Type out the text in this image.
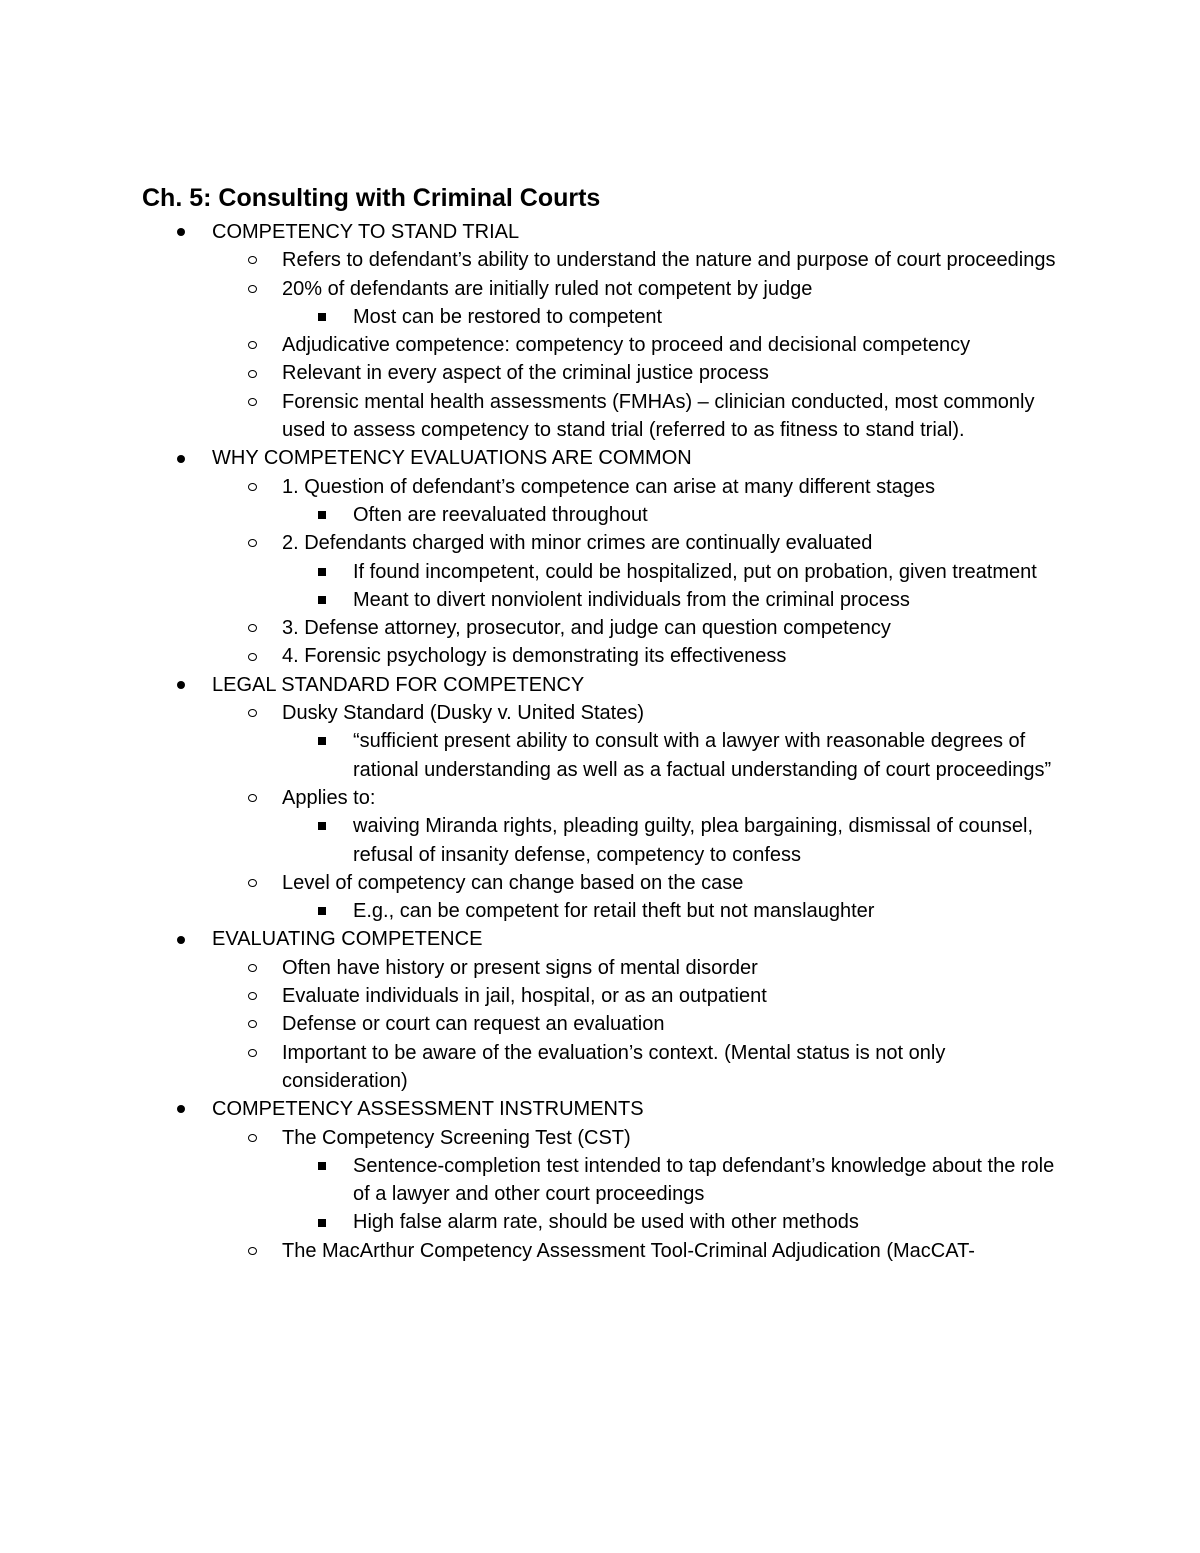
Ch. 5: Consulting with Criminal Courts
COMPETENCY TO STAND TRIAL
Refers to defendant’s ability to understand the nature and purpose of court proceedings
20% of defendants are initially ruled not competent by judge
Most can be restored to competent
Adjudicative competence: competency to proceed and decisional competency
Relevant in every aspect of the criminal justice process
Forensic mental health assessments (FMHAs) – clinician conducted, most commonly used to assess competency to stand trial (referred to as fitness to stand trial).
WHY COMPETENCY EVALUATIONS ARE COMMON
1. Question of defendant’s competence can arise at many different stages
Often are reevaluated throughout
2. Defendants charged with minor crimes are continually evaluated
If found incompetent, could be hospitalized, put on probation, given treatment
Meant to divert nonviolent individuals from the criminal process
3. Defense attorney, prosecutor, and judge can question competency
4. Forensic psychology is demonstrating its effectiveness
LEGAL STANDARD FOR COMPETENCY
Dusky Standard (Dusky v. United States)
“sufficient present ability to consult with a lawyer with reasonable degrees of rational understanding as well as a factual understanding of court proceedings”
Applies to:
waiving Miranda rights, pleading guilty, plea bargaining, dismissal of counsel, refusal of insanity defense, competency to confess
Level of competency can change based on the case
E.g., can be competent for retail theft but not manslaughter
EVALUATING COMPETENCE
Often have history or present signs of mental disorder
Evaluate individuals in jail, hospital, or as an outpatient
Defense or court can request an evaluation
Important to be aware of the evaluation’s context. (Mental status is not only consideration)
COMPETENCY ASSESSMENT INSTRUMENTS
The Competency Screening Test (CST)
Sentence-completion test intended to tap defendant’s knowledge about the role of a lawyer and other court proceedings
High false alarm rate, should be used with other methods
The MacArthur Competency Assessment Tool-Criminal Adjudication (MacCAT-
